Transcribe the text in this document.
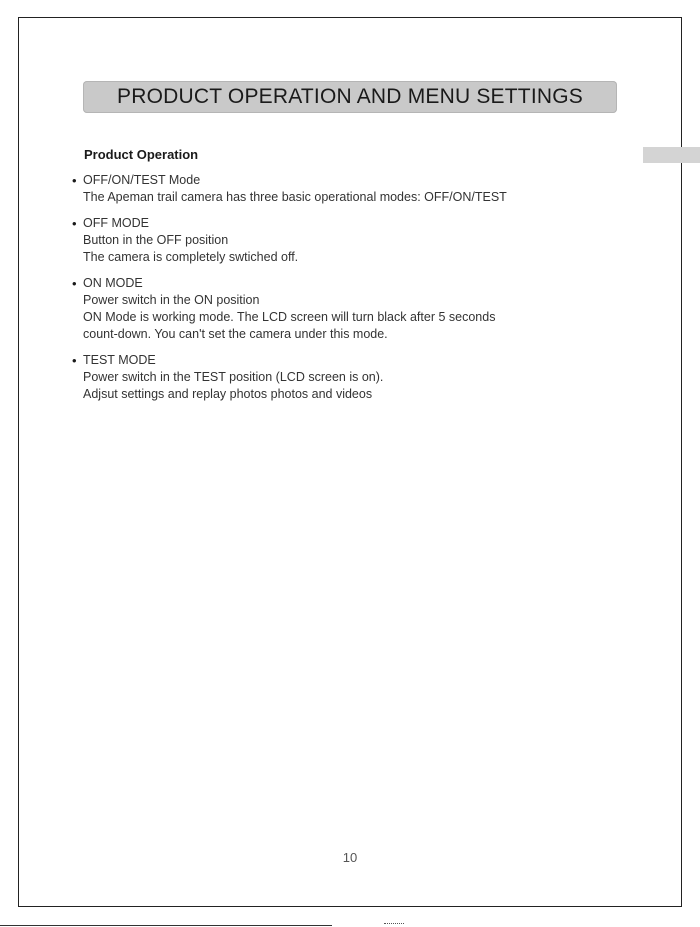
PRODUCT OPERATION AND MENU SETTINGS
Product Operation
• OFF/ON/TEST Mode
The Apeman trail camera has three basic operational modes: OFF/ON/TEST
• OFF MODE
Button in the OFF position
The camera is completely swtiched off.
• ON MODE
Power switch in the ON position
ON Mode is working mode. The LCD screen will turn black after 5 seconds
count-down. You can't set the camera under this mode.
• TEST MODE
Power switch in the TEST position (LCD screen is on).
Adjsut settings and replay photos photos and videos
10
